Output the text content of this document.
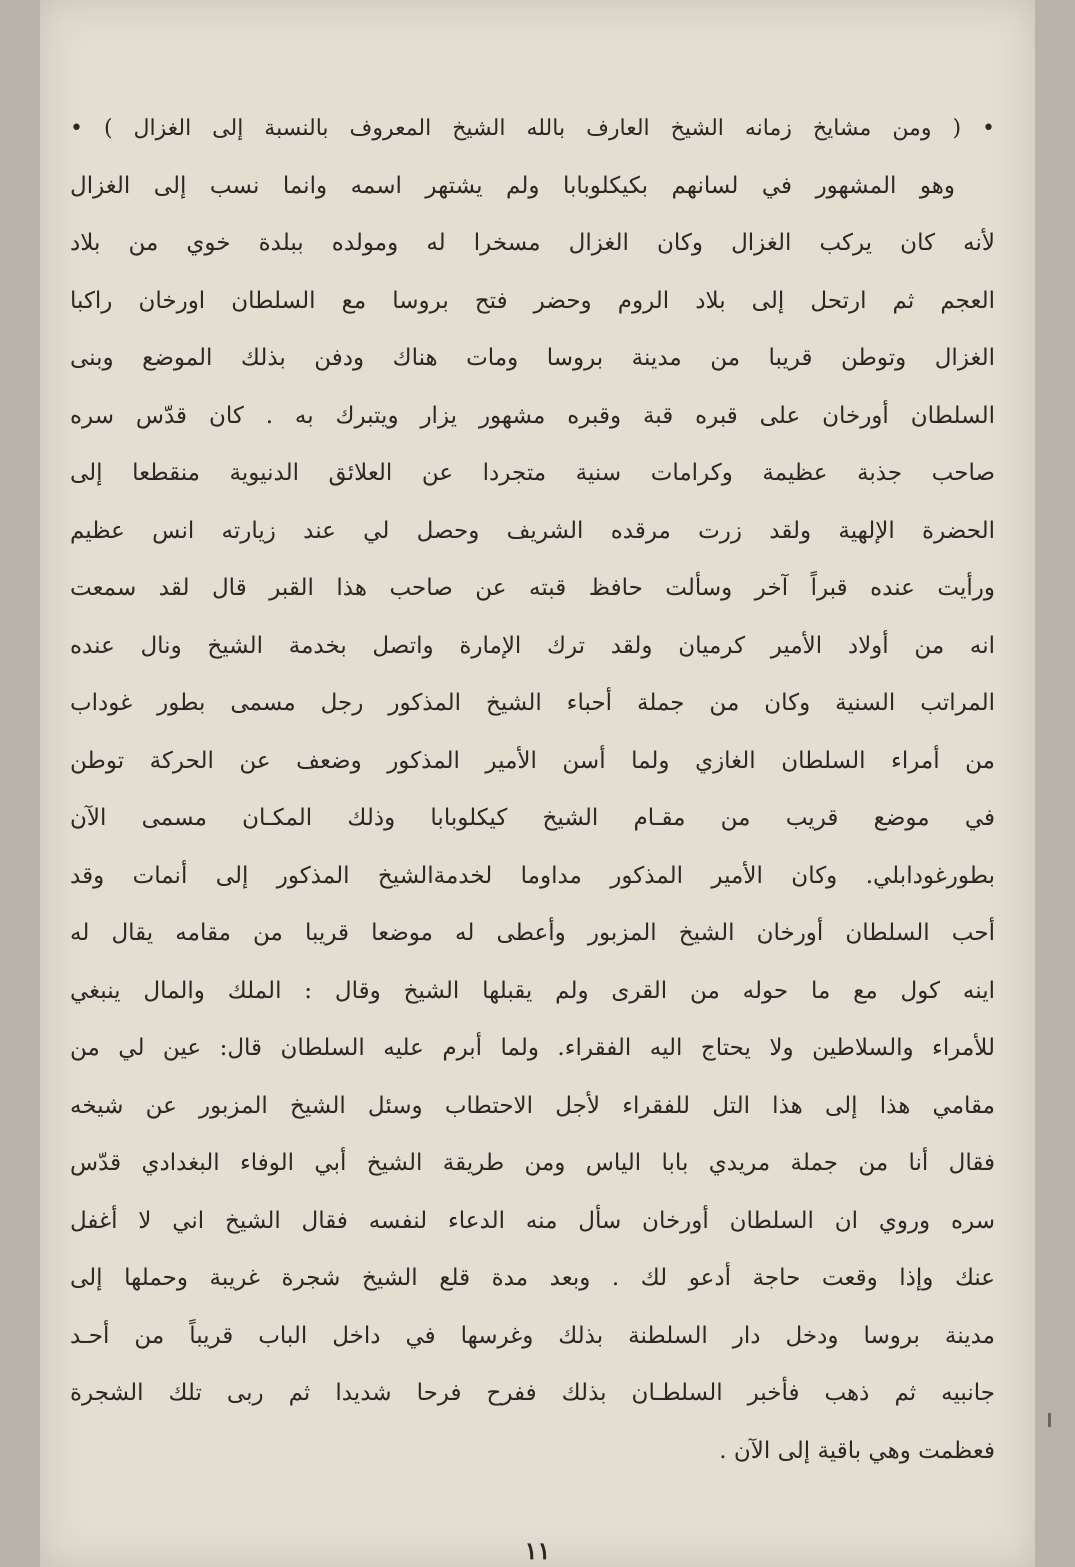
• ( ومن مشايخ زمانه الشيخ العارف بالله الشيخ المعروف بالنسبة إلى الغزال ) •
وهو المشهور في لسانهم بكيكلوبابا ولم يشتهر اسمه وانما نسب إلى الغزال
لأنه كان يركب الغزال وكان الغزال مسخرا له ومولده ببلدة خوي من بلاد
العجم ثم ارتحل إلى بلاد الروم وحضر فتح بروسا مع السلطان اورخان راكبا
الغزال وتوطن قريبا من مدينة بروسا ومات هناك ودفن بذلك الموضع وبنى
السلطان أورخان على قبره قبة وقبره مشهور يزار ويتبرك به . كان قدّس سره
صاحب جذبة عظيمة وكرامات سنية متجردا عن العلائق الدنيوية منقطعا إلى
الحضرة الإلهية ولقد زرت مرقده الشريف وحصل لي عند زيارته انس عظيم
ورأيت عنده قبراً آخر وسألت حافظ قبته عن صاحب هذا القبر قال لقد سمعت
انه من أولاد الأمير كرميان ولقد ترك الإمارة واتصل بخدمة الشيخ ونال عنده
المراتب السنية وكان من جملة أحباء الشيخ المذكور رجل مسمى بطور غوداب
من أمراء السلطان الغازي ولما أسن الأمير المذكور وضعف عن الحركة توطن
في موضع قريب من مقـام الشيخ كيكلوبابا وذلك المكـان مسمى الآن
بطورغودابلي. وكان الأمير المذكور مداوما لخدمةالشيخ المذكور إلى أنمات وقد
أحب السلطان أورخان الشيخ المزبور وأعطى له موضعا قريبا من مقامه يقال له
اينه كول مع ما حوله من القرى ولم يقبلها الشيخ وقال : الملك والمال ينبغي
للأمراء والسلاطين ولا يحتاج اليه الفقراء. ولما أبرم عليه السلطان قال: عين لي من
مقامي هذا إلى هذا التل للفقراء لأجل الاحتطاب وسئل الشيخ المزبور عن شيخه
فقال أنا من جملة مريدي بابا الياس ومن طريقة الشيخ أبي الوفاء البغدادي قدّس
سره وروي ان السلطان أورخان سأل منه الدعاء لنفسه فقال الشيخ اني لا أغفل
عنك وإذا وقعت حاجة أدعو لك . وبعد مدة قلع الشيخ شجرة غريبة وحملها إلى
مدينة بروسا ودخل دار السلطنة بذلك وغرسها في داخل الباب قريباً من أحـد
جانبيه ثم ذهب فأخبر السلطـان بذلك ففرح فرحا شديدا ثم ربى تلك الشجرة
فعظمت وهي باقية إلى الآن .
١١
